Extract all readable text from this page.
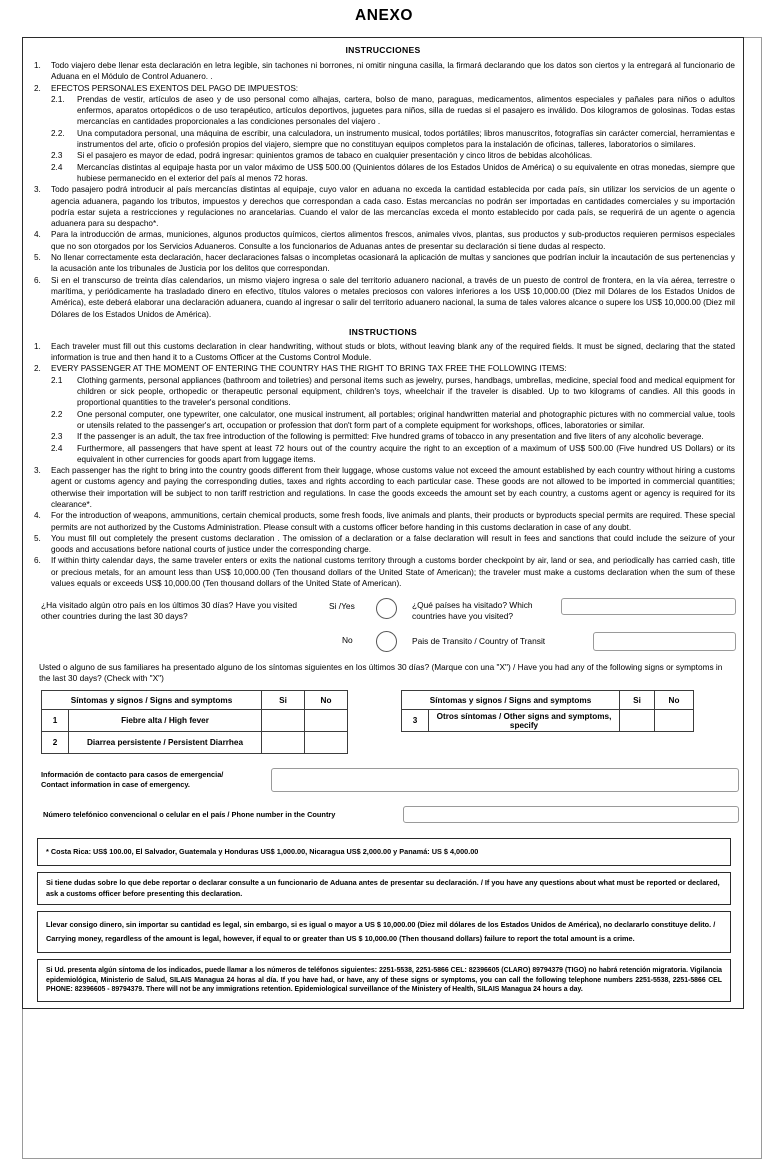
ANEXO
INSTRUCCIONES
1.	Todo viajero debe llenar esta declaración en letra legible, sin tachones ni borrones, ni omitir ninguna casilla, la firmará declarando que los datos son ciertos y la entregará al funcionario de Aduana en el Módulo de Control Aduanero. .
2.	EFECTOS PERSONALES EXENTOS DEL PAGO DE IMPUESTOS:
2.1.	Prendas de vestir, artículos de aseo y de uso personal como alhajas, cartera, bolso de mano, paraguas, medicamentos, alimentos especiales y pañales para niños o adultos enfermos, aparatos ortopédicos o de uso terapéutico, artículos deportivos, juguetes para niños, silla de ruedas si el pasajero es inválido. Dos kilogramos de golosinas. Todas estas mercancías en cantidades proporcionales a las condiciones personales del viajero .
2.2.	Una computadora personal, una máquina de escribir, una calculadora, un instrumento musical, todos portátiles; libros manuscritos, fotografías sin carácter comercial, herramientas e instrumentos del arte, oficio o profesión propios del viajero, siempre que no constituyan equipos completos para la instalación de oficinas, talleres, laboratorios o similares.
2.3	Si el pasajero es mayor de edad, podrá ingresar: quinientos gramos de tabaco en cualquier presentación y cinco litros de bebidas alcohólicas.
2.4	Mercancías distintas al equipaje hasta por un valor máximo de US$ 500.00 (Quinientos dólares de los Estados Unidos de América) o su equivalente en otras monedas, siempre que hubiese permanecido en el exterior del país al menos 72 horas.
3.	Todo pasajero podrá introducir al país mercancías distintas al equipaje, cuyo valor en aduana no exceda la cantidad establecida por cada país, sin utilizar los servicios de un agente o agencia aduanera, pagando los tributos, impuestos y derechos que correspondan a cada caso. Estas mercancías no podrán ser importadas en cantidades comerciales y su importación podría estar sujeta a restricciones y regulaciones no arancelarias. Cuando el valor de las mercancías exceda el monto establecido por cada país, se requerirá de un agente o agencia aduanera para su despacho*.
4.	Para la introducción de armas, municiones, algunos productos químicos, ciertos alimentos frescos, animales vivos, plantas, sus productos y sub-productos requieren permisos especiales que no son otorgados por los Servicios Aduaneros. Consulte a los funcionarios de Aduanas antes de presentar su declaración si tiene dudas al respecto.
5.	No llenar correctamente esta declaración, hacer declaraciones falsas o incompletas ocasionará la aplicación de multas y sanciones que podrían incluir la incautación de sus pertenencias y la acusación ante los tribunales de Justicia por los delitos que correspondan.
6.	Si en el transcurso de treinta días calendarios, un mismo viajero ingresa o sale del territorio aduanero nacional, a través de un puesto de control de frontera, en la vía aérea, terrestre o marítima, y periódicamente ha trasladado dinero en efectivo, títulos valores o metales preciosos con valores inferiores a los US$ 10,000.00 (Diez mil Dólares de los Estados Unidos de América), este deberá elaborar una declaración aduanera, cuando al ingresar o salir del territorio aduanero nacional, la suma de tales valores alcance o supere los US$ 10,000.00 (Diez mil Dólares de los Estados Unidos de América).
INSTRUCTIONS
1.	Each traveler must fill out this customs declaration in clear handwriting, without studs or blots, without leaving blank any of the required fields. It must be signed, declaring that the stated information is true and then hand it to a Customs Officer at the Customs Control Module.
2.	EVERY PASSENGER AT THE MOMENT OF ENTERING THE COUNTRY HAS THE RIGHT TO BRING TAX FREE THE FOLLOWING ITEMS:
2.1	Clothing garments, personal appliances (bathroom and toiletries) and personal items such as jewelry, purses, handbags, umbrellas, medicine, special food and medical equipment for children or sick people, orthopedic or therapeutic personal equipment, children's toys, wheelchair if the traveler is disabled. Up to two kilograms of candies. All this goods in proportional quantities to the traveler's personal conditions.
2.2	One personal computer, one typewriter, one calculator, one musical instrument, all portables; original handwritten material and photographic pictures with no commercial value, tools or utensils related to the passenger's art, occupation or profession that don't form part of a complete equipment for workshops, offices, laboratories or similar.
2.3	If the passenger is an adult, the tax free introduction of the following is permitted: Five hundred grams of tobacco in any presentation and five liters of any alcoholic beverage.
2.4	Furthermore, all passengers that have spent at least 72 hours out of the country acquire the right to an exception of a maximum of US$ 500.00 (Five hundred US Dollars) or its equivalent in other currencies for goods apart from luggage items.
3.	Each passenger has the right to bring into the country goods different from their luggage, whose customs value not exceed the amount established by each country without hiring a customs agent or customs agency and paying the corresponding duties, taxes and rights according to each particular case. These goods are not allowed to be imported in commercial quantities; otherwise their importation will be subject to non tariff restriction and regulations. In case the goods exceeds the amount set by each country, a customs agent or agency is required for its clearance*.
4.	For the introduction of weapons, ammunitions, certain chemical products, some fresh foods, live animals and plants, their products or byproducts special permits are required. These special permits are not authorized by the Customs Administration. Please consult with a customs officer before handing in this customs declaration in case of any doubt.
5.	You must fill out completely the present customs declaration . The omission of a declaration or a false declaration will result in fees and sanctions that could include the seizure of your goods and accusations before national courts of justice under the corresponding charge.
6.	If within thirty calendar days, the same traveler enters or exits the national customs territory through a customs border checkpoint by air, land or sea, and periodically has carried cash, title or precious metals, for an amount less than US$ 10,000.00 (Ten thousand dollars of the United State of American); the traveler must make a customs declaration when the sum of these values equals or exceeds US$ 10,000.00 (Ten thousand dollars of the United State of American).
¿Ha visitado algún otro país en los últimos 30 días? Have you visited other countries during the last 30 days?
Si /Yes
No
¿Qué países ha visitado? Which countries have you visited?
Pais de Transito / Country of Transit
Usted o alguno de sus familiares ha presentado alguno de los síntomas siguientes en los últimos 30 días? (Marque con una "X") / Have you had any of the following signs or symptoms in the last 30 days? (Check with "X")
Síntomas y signos / Signs and symptoms		Si	No
1	Fiebre alta / High fever		
2	Diarrea persistente / Persistent Diarrhea		
Síntomas y signos / Signs and symptoms		Si	No
3	Otros síntomas / Other signs and symptoms, specify		
Información de contacto para casos de emergencia/ Contact information in case of emergency.
Número telefónico convencional o celular en el país / Phone number in the Country
* Costa Rica: US$ 100.00, El Salvador, Guatemala y Honduras US$ 1,000.00, Nicaragua US$ 2,000.00 y Panamá: US $ 4,000.00
Si tiene dudas sobre lo que debe reportar o declarar consulte a un funcionario de Aduana antes de presentar su declaración. / If you have any questions about what must be reported or declared, ask a customs officer before presenting this declaration.
Llevar consigo dinero, sin importar su cantidad es legal, sin embargo, si es igual o mayor a US $ 10,000.00 (Diez mil dólares de los Estados Unidos de América), no declararlo constituye delito. / Carrying money, regardless of the amount is legal, however, if equal to or greater than US $ 10,000.00 (Then thousand dollars) failure to report the total amount is a crime.
Si Ud. presenta algún síntoma de los indicados, puede llamar a los números de teléfonos siguientes: 2251-5538, 2251-5866 CEL: 82396605 (CLARO) 89794379 (TIGO) no habrá retención migratoria. Vigilancia epidemiológica, Ministerio de Salud, SILAIS Managua 24 horas al día. If you have had, or have, any of these signs or symptoms, you can call the following telephone numbers 2251-5538, 2251-5866 CEL PHONE: 82396605 - 89794379. There will not be any immigrations retention. Epidemiological surveillance of the Ministery of Health, SILAIS Managua 24 hours a day.
